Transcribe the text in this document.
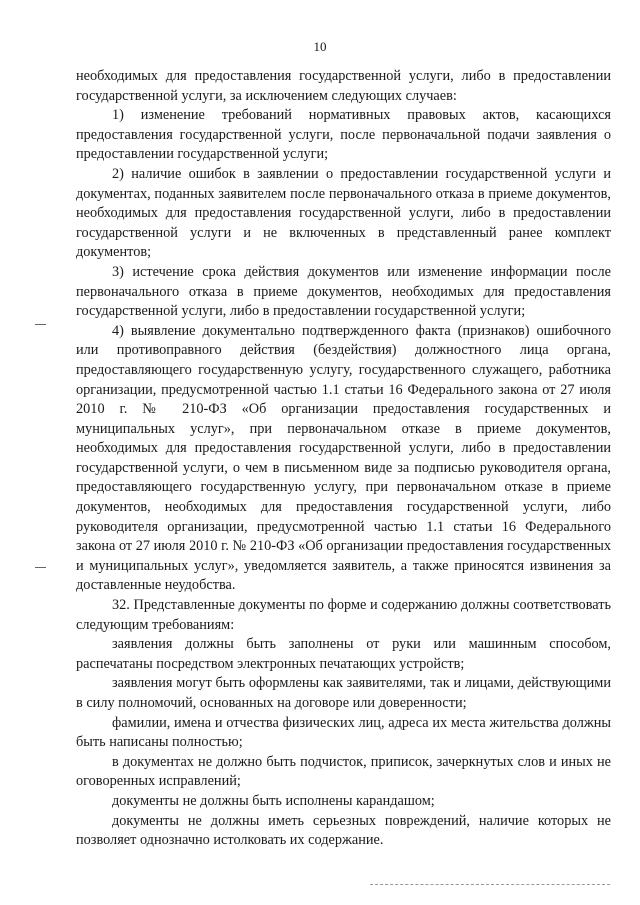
10

необходимых для предоставления государственной услуги, либо в предоставлении государственной услуги, за исключением следующих случаев:

1) изменение требований нормативных правовых актов, касающихся предоставления государственной услуги, после первоначальной подачи заявления о предоставлении государственной услуги;

2) наличие ошибок в заявлении о предоставлении государственной услуги и документах, поданных заявителем после первоначального отказа в приеме документов, необходимых для предоставления государственной услуги, либо в предоставлении государственной услуги и не включенных в представленный ранее комплект документов;

3) истечение срока действия документов или изменение информации после первоначального отказа в приеме документов, необходимых для предоставления государственной услуги, либо в предоставлении государственной услуги;

4) выявление документально подтвержденного факта (признаков) ошибочного или противоправного действия (бездействия) должностного лица органа, предоставляющего государственную услугу, государственного служащего, работника организации, предусмотренной частью 1.1 статьи 16 Федерального закона от 27 июля 2010 г. № 210-ФЗ «Об организации предоставления государственных и муниципальных услуг», при первоначальном отказе в приеме документов, необходимых для предоставления государственной услуги, либо в предоставлении государственной услуги, о чем в письменном виде за подписью руководителя органа, предоставляющего государственную услугу, при первоначальном отказе в приеме документов, необходимых для предоставления государственной услуги, либо руководителя организации, предусмотренной частью 1.1 статьи 16 Федерального закона от 27 июля 2010 г. № 210-ФЗ «Об организации предоставления государственных и муниципальных услуг», уведомляется заявитель, а также приносятся извинения за доставленные неудобства.

32. Представленные документы по форме и содержанию должны соответствовать следующим требованиям:

заявления должны быть заполнены от руки или машинным способом, распечатаны посредством электронных печатающих устройств;

заявления могут быть оформлены как заявителями, так и лицами, действующими в силу полномочий, основанных на договоре или доверенности;

фамилии, имена и отчества физических лиц, адреса их места жительства должны быть написаны полностью;

в документах не должно быть подчисток, приписок, зачеркнутых слов и иных не оговоренных исправлений;

документы не должны быть исполнены карандашом;

документы не должны иметь серьезных повреждений, наличие которых не позволяет однозначно истолковать их содержание.
